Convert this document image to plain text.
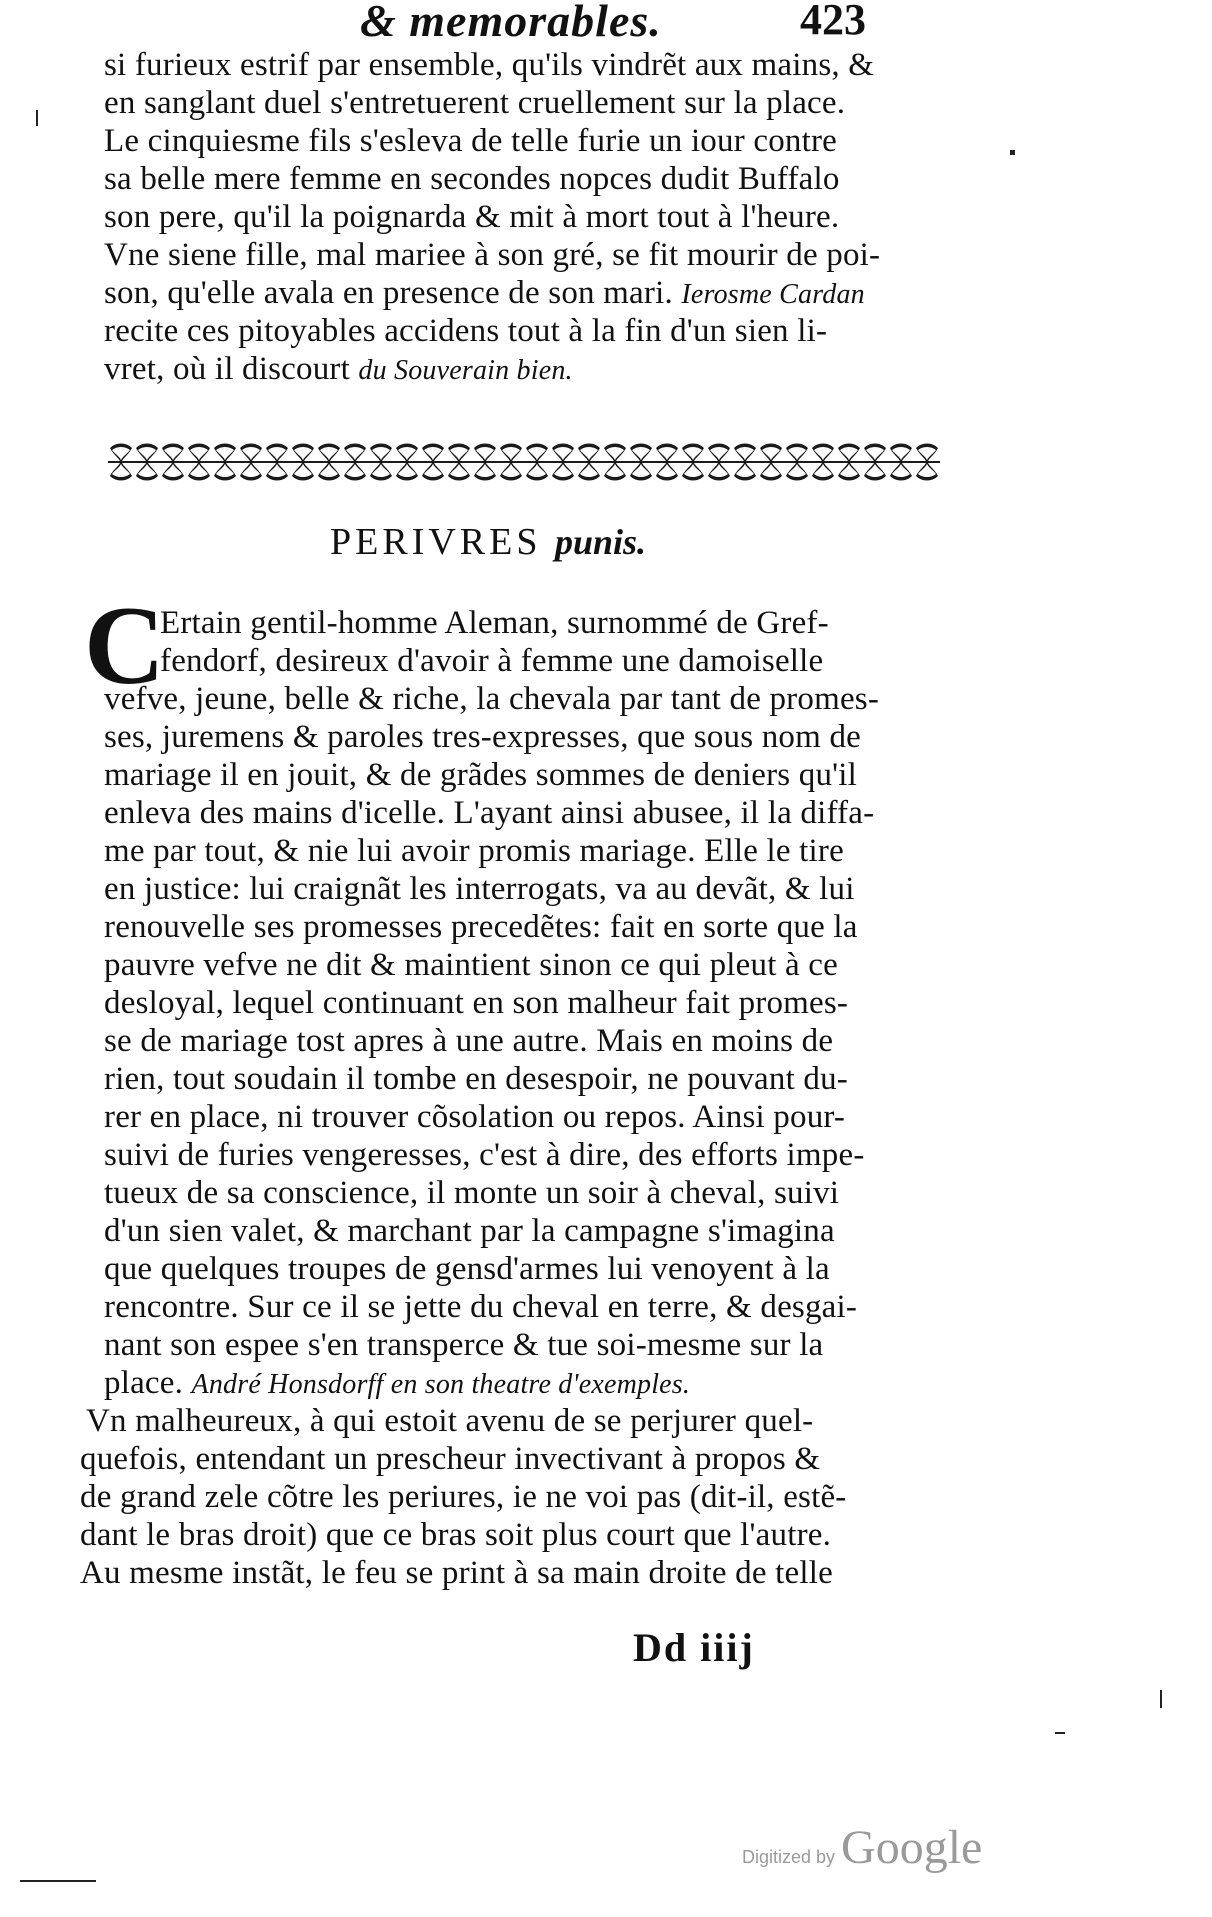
& memorables.	423
si furieux estrif par ensemble, qu'ils vindrẽt aux mains, &
en sanglant duel s'entretuerent cruellement sur la place.
Le cinquiesme fils s'esleva de telle furie un iour contre
sa belle mere femme en secondes nopces dudit Buffalo
son pere, qu'il la poignarda & mit à mort tout à l'heure.
Vne siene fille, mal mariee à son gré, se fit mourir de poi-
son, qu'elle avala en presence de son mari. Ierosme Cardan
recite ces pitoyables accidens tout à la fin d'un sien li-
vret, où il discourt du Souverain bien.
PERIVRES punis.
C
Ertain gentil-homme Aleman, surnommé de Gref-
fendorf, desireux d'avoir à femme une damoiselle
vefve, jeune, belle & riche, la chevala par tant de promes-
ses, juremens & paroles tres-expresses, que sous nom de
mariage il en jouit, & de grãdes sommes de deniers qu'il
enleva des mains d'icelle. L'ayant ainsi abusee, il la diffa-
me par tout, & nie lui avoir promis mariage. Elle le tire
en justice: lui craignãt les interrogats, va au devãt, & lui
renouvelle ses promesses precedẽtes: fait en sorte que la
pauvre vefve ne dit & maintient sinon ce qui pleut à ce
desloyal, lequel continuant en son malheur fait promes-
se de mariage tost apres à une autre. Mais en moins de
rien, tout soudain il tombe en desespoir, ne pouvant du-
rer en place, ni trouver cõsolation ou repos. Ainsi pour-
suivi de furies vengeresses, c'est à dire, des efforts impe-
tueux de sa conscience, il monte un soir à cheval, suivi
d'un sien valet, & marchant par la campagne s'imagina
que quelques troupes de gensd'armes lui venoyent à la
rencontre. Sur ce il se jette du cheval en terre, & desgai-
nant son espee s'en transperce & tue soi-mesme sur la
place. André Honsdorff en son theatre d'exemples.
Vn malheureux, à qui estoit avenu de se perjurer quel-
quefois, entendant un prescheur invectivant à propos &
de grand zele cõtre les periures, ie ne voi pas (dit-il, estẽ-
dant le bras droit) que ce bras soit plus court que l'autre.
Au mesme instãt, le feu se print à sa main droite de telle
Dd iiij
Digitized by Google
